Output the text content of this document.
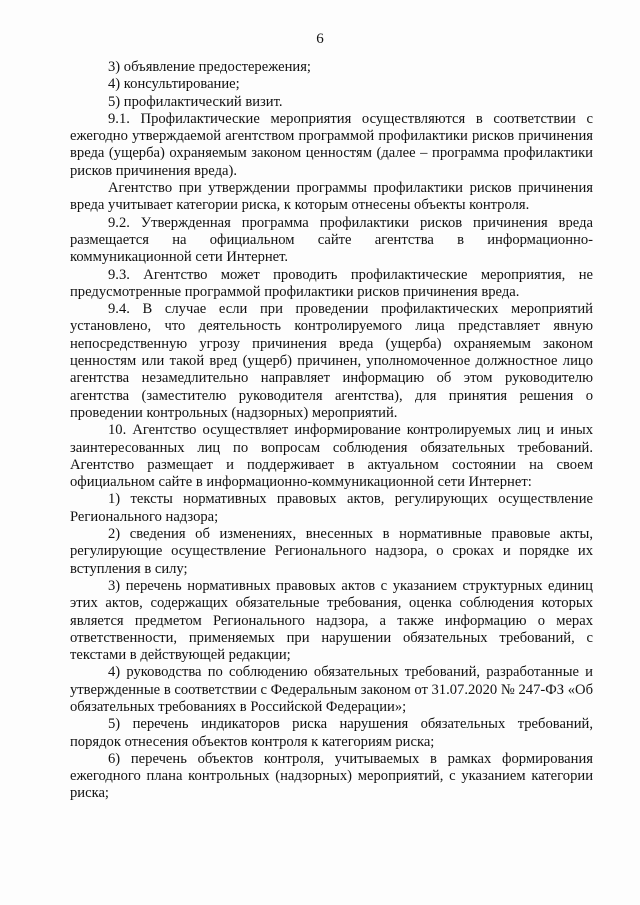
6

3) объявление предостережения;

4) консультирование;

5) профилактический визит.

9.1. Профилактические мероприятия осуществляются в соответствии с ежегодно утверждаемой агентством программой профилактики рисков причинения вреда (ущерба) охраняемым законом ценностям (далее – программа профилактики рисков причинения вреда).

Агентство при утверждении программы профилактики рисков причинения вреда учитывает категории риска, к которым отнесены объекты контроля.

9.2. Утвержденная программа профилактики рисков причинения вреда размещается на официальном сайте агентства в информационно-коммуникационной сети Интернет.

9.3. Агентство может проводить профилактические мероприятия, не предусмотренные программой профилактики рисков причинения вреда.

9.4. В случае если при проведении профилактических мероприятий установлено, что деятельность контролируемого лица представляет явную непосредственную угрозу причинения вреда (ущерба) охраняемым законом ценностям или такой вред (ущерб) причинен, уполномоченное должностное лицо агентства незамедлительно направляет информацию об этом руководителю агентства (заместителю руководителя агентства), для принятия решения о проведении контрольных (надзорных) мероприятий.

10. Агентство осуществляет информирование контролируемых лиц и иных заинтересованных лиц по вопросам соблюдения обязательных требований. Агентство размещает и поддерживает в актуальном состоянии на своем официальном сайте в информационно-коммуникационной сети Интернет:

1) тексты нормативных правовых актов, регулирующих осуществление Регионального надзора;

2) сведения об изменениях, внесенных в нормативные правовые акты, регулирующие осуществление Регионального надзора, о сроках и порядке их вступления в силу;

3) перечень нормативных правовых актов с указанием структурных единиц этих актов, содержащих обязательные требования, оценка соблюдения которых является предметом Регионального надзора, а также информацию о мерах ответственности, применяемых при нарушении обязательных требований, с текстами в действующей редакции;

4) руководства по соблюдению обязательных требований, разработанные и утвержденные в соответствии с Федеральным законом от 31.07.2020 № 247-ФЗ «Об обязательных требованиях в Российской Федерации»;

5) перечень индикаторов риска нарушения обязательных требований, порядок отнесения объектов контроля к категориям риска;

6) перечень объектов контроля, учитываемых в рамках формирования ежегодного плана контрольных (надзорных) мероприятий, с указанием категории риска;
